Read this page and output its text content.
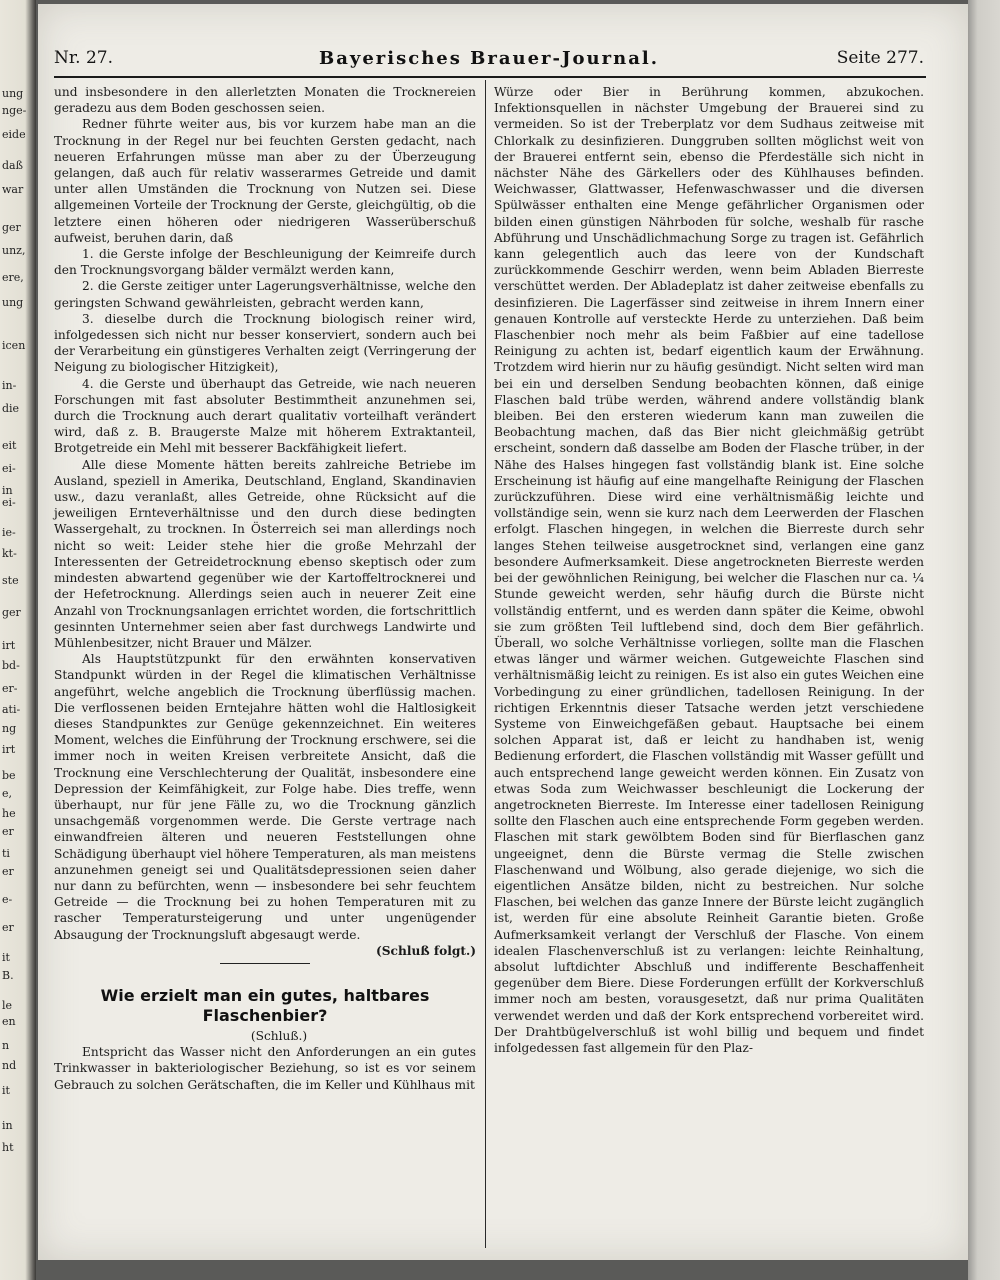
ung
nge-
eide
daß
war
ger
unz,
ere,
ung
icen
in-
die
eit
ei-
in
ei-
ie-
kt-
ste
ger
irt
bd-
er-
ati-
ng
irt
be
e,
he
er
ti
er
e-
er
it
B.
le
en
n
nd
it
in
ht
Nr. 27.	Bayerisches Brauer-Journal.	Seite 277.

und insbesondere in den allerletzten Monaten die Trocknereien geradezu aus dem Boden geschossen seien.

Redner führte weiter aus, bis vor kurzem habe man an die Trocknung in der Regel nur bei feuchten Gersten gedacht, nach neueren Erfahrungen müsse man aber zu der Überzeugung gelangen, daß auch für relativ wasserarmes Getreide und damit unter allen Umständen die Trocknung von Nutzen sei. Diese allgemeinen Vorteile der Trocknung der Gerste, gleichgültig, ob die letztere einen höheren oder niedrigeren Wasserüberschuß aufweist, beruhen darin, daß

1. die Gerste infolge der Beschleunigung der Keimreife durch den Trocknungsvorgang bälder vermälzt werden kann,

2. die Gerste zeitiger unter Lagerungsverhältnisse, welche den geringsten Schwand gewährleisten, gebracht werden kann,

3. dieselbe durch die Trocknung biologisch reiner wird, infolgedessen sich nicht nur besser konserviert, sondern auch bei der Verarbeitung ein günstigeres Verhalten zeigt (Verringerung der Neigung zu biologischer Hitzigkeit),

4. die Gerste und überhaupt das Getreide, wie nach neueren Forschungen mit fast absoluter Bestimmtheit anzunehmen sei, durch die Trocknung auch derart qualitativ vorteilhaft verändert wird, daß z. B. Braugerste Malze mit höherem Extraktanteil, Brotgetreide ein Mehl mit besserer Backfähigkeit liefert.

Alle diese Momente hätten bereits zahlreiche Betriebe im Ausland, speziell in Amerika, Deutschland, England, Skandinavien usw., dazu veranlaßt, alles Getreide, ohne Rücksicht auf die jeweiligen Ernteverhältnisse und den durch diese bedingten Wassergehalt, zu trocknen. In Österreich sei man allerdings noch nicht so weit: Leider stehe hier die große Mehrzahl der Interessenten der Getreidetrocknung ebenso skeptisch oder zum mindesten abwartend gegenüber wie der Kartoffeltrocknerei und der Hefetrocknung. Allerdings seien auch in neuerer Zeit eine Anzahl von Trocknungsanlagen errichtet worden, die fortschrittlich gesinnten Unternehmer seien aber fast durchwegs Landwirte und Mühlenbesitzer, nicht Brauer und Mälzer.

Als Hauptstützpunkt für den erwähnten konservativen Standpunkt würden in der Regel die klimatischen Verhältnisse angeführt, welche angeblich die Trocknung überflüssig machen. Die verflossenen beiden Erntejahre hätten wohl die Haltlosigkeit dieses Standpunktes zur Genüge gekennzeichnet. Ein weiteres Moment, welches die Einführung der Trocknung erschwere, sei die immer noch in weiten Kreisen verbreitete Ansicht, daß die Trocknung eine Verschlechterung der Qualität, insbesondere eine Depression der Keimfähigkeit, zur Folge habe. Dies treffe, wenn überhaupt, nur für jene Fälle zu, wo die Trocknung gänzlich unsachgemäß vorgenommen werde. Die Gerste vertrage nach einwandfreien älteren und neueren Feststellungen ohne Schädigung überhaupt viel höhere Temperaturen, als man meistens anzunehmen geneigt sei und Qualitätsdepressionen seien daher nur dann zu befürchten, wenn — insbesondere bei sehr feuchtem Getreide — die Trocknung bei zu hohen Temperaturen mit zu rascher Temperatursteigerung und unter ungenügender Absaugung der Trocknungsluft abgesaugt werde.

(Schluß folgt.)

Wie erzielt man ein gutes, haltbares Flaschenbier?

(Schluß.)

Entspricht das Wasser nicht den Anforderungen an ein gutes Trinkwasser in bakteriologischer Beziehung, so ist es vor seinem Gebrauch zu solchen Gerätschaften, die im Keller und Kühlhaus mit

Würze oder Bier in Berührung kommen, abzukochen. Infektionsquellen in nächster Umgebung der Brauerei sind zu vermeiden. So ist der Treberplatz vor dem Sudhaus zeitweise mit Chlorkalk zu desinfizieren. Dunggruben sollten möglichst weit von der Brauerei entfernt sein, ebenso die Pferdeställe sich nicht in nächster Nähe des Gärkellers oder des Kühlhauses befinden. Weichwasser, Glattwasser, Hefenwaschwasser und die diversen Spülwässer enthalten eine Menge gefährlicher Organismen oder bilden einen günstigen Nährboden für solche, weshalb für rasche Abführung und Unschädlichmachung Sorge zu tragen ist. Gefährlich kann gelegentlich auch das leere von der Kundschaft zurückkommende Geschirr werden, wenn beim Abladen Bierreste verschüttet werden. Der Abladeplatz ist daher zeitweise ebenfalls zu desinfizieren. Die Lagerfässer sind zeitweise in ihrem Innern einer genauen Kontrolle auf versteckte Herde zu unterziehen. Daß beim Flaschenbier noch mehr als beim Faßbier auf eine tadellose Reinigung zu achten ist, bedarf eigentlich kaum der Erwähnung. Trotzdem wird hierin nur zu häufig gesündigt. Nicht selten wird man bei ein und derselben Sendung beobachten können, daß einige Flaschen bald trübe werden, während andere vollständig blank bleiben. Bei den ersteren wiederum kann man zuweilen die Beobachtung machen, daß das Bier nicht gleichmäßig getrübt erscheint, sondern daß dasselbe am Boden der Flasche trüber, in der Nähe des Halses hingegen fast vollständig blank ist. Eine solche Erscheinung ist häufig auf eine mangelhafte Reinigung der Flaschen zurückzuführen. Diese wird eine verhältnismäßig leichte und vollständige sein, wenn sie kurz nach dem Leerwerden der Flaschen erfolgt. Flaschen hingegen, in welchen die Bierreste durch sehr langes Stehen teilweise ausgetrocknet sind, verlangen eine ganz besondere Aufmerksamkeit. Diese angetrockneten Bierreste werden bei der gewöhnlichen Reinigung, bei welcher die Flaschen nur ca. ¼ Stunde geweicht werden, sehr häufig durch die Bürste nicht vollständig entfernt, und es werden dann später die Keime, obwohl sie zum größten Teil luftlebend sind, doch dem Bier gefährlich. Überall, wo solche Verhältnisse vorliegen, sollte man die Flaschen etwas länger und wärmer weichen. Gutgeweichte Flaschen sind verhältnismäßig leicht zu reinigen. Es ist also ein gutes Weichen eine Vorbedingung zu einer gründlichen, tadellosen Reinigung. In der richtigen Erkenntnis dieser Tatsache werden jetzt verschiedene Systeme von Einweichgefäßen gebaut. Hauptsache bei einem solchen Apparat ist, daß er leicht zu handhaben ist, wenig Bedienung erfordert, die Flaschen vollständig mit Wasser gefüllt und auch entsprechend lange geweicht werden können. Ein Zusatz von etwas Soda zum Weichwasser beschleunigt die Lockerung der angetrockneten Bierreste. Im Interesse einer tadellosen Reinigung sollte den Flaschen auch eine entsprechende Form gegeben werden. Flaschen mit stark gewölbtem Boden sind für Bierflaschen ganz ungeeignet, denn die Bürste vermag die Stelle zwischen Flaschenwand und Wölbung, also gerade diejenige, wo sich die eigentlichen Ansätze bilden, nicht zu bestreichen. Nur solche Flaschen, bei welchen das ganze Innere der Bürste leicht zugänglich ist, werden für eine absolute Reinheit Garantie bieten. Große Aufmerksamkeit verlangt der Verschluß der Flasche. Von einem idealen Flaschenverschluß ist zu verlangen: leichte Reinhaltung, absolut luftdichter Abschluß und indifferente Beschaffenheit gegenüber dem Biere. Diese Forderungen erfüllt der Korkverschluß immer noch am besten, vorausgesetzt, daß nur prima Qualitäten verwendet werden und daß der Kork entsprechend vorbereitet wird. Der Drahtbügelverschluß ist wohl billig und bequem und findet infolgedessen fast allgemein für den Plaz-
